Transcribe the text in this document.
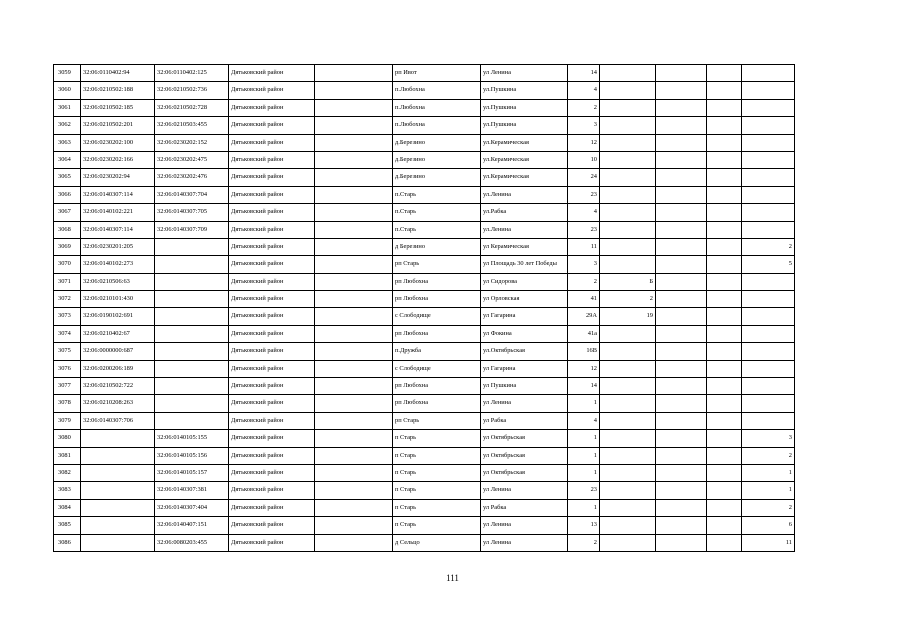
3059	32:06:0110402:94	32:06:0110402:125	Дятьковский район		рп Ивот	ул Ленина	14				
3060	32:06:0210502:188	32:06:0210502:736	Дятьковский район		п.Любохна	ул.Пушкина	4				
3061	32:06:0210502:185	32:06:0210502:728	Дятьковский район		п.Любохна	ул.Пушкина	2				
3062	32:06:0210502:201	32:06:0210503:455	Дятьковский район		п.Любохна	ул.Пушкина	3				
3063	32:06:0230202:100	32:06:0230202:152	Дятьковский район		д.Березино	ул.Керамическая	12				
3064	32:06:0230202:166	32:06:0230202:475	Дятьковский район		д.Березино	ул.Керамическая	10				
3065	32:06:0230202:94	32:06:0230202:476	Дятьковский район		д.Березино	ул.Керамическая	24				
3066	32:06:0140307:114	32:06:0140307:704	Дятьковский район		п.Старь	ул.Ленина	23				
3067	32:06:0140102:221	32:06:0140307:705	Дятьковский район		п.Старь	ул.Рабка	4				
3068	32:06:0140307:114	32:06:0140307:709	Дятьковский район		п.Старь	ул.Ленина	23				
3069	32:06:0230201:205		Дятьковский район		д Березино	ул Керамическая	11				2
3070	32:06:0140102:273		Дятьковский район		рп Старь	ул Площадь 30 лет Победы	3				5
3071	32:06:0210506:63		Дятьковский район		рп Любохна	ул Сидорова	2	Б			
3072	32:06:0210101:430		Дятьковский район		рп Любохна	ул Орловская	41	2			
3073	32:06:0190102:691		Дятьковский район		с Слободище	ул Гагарина	29А	19			
3074	32:06:0210402:67		Дятьковский район		рп Любохна	ул Фокина	41а				
3075	32:06:0000000:687		Дятьковский район		п.Дружба	ул.Октябрьская	16В				
3076	32:06:0200206:189		Дятьковский район		с Слободище	ул Гагарина	12				
3077	32:06:0210502:722		Дятьковский район		рп Любохна	ул Пушкина	14				
3078	32:06:0210208:263		Дятьковский район		рп Любохна	ул Ленина	1				
3079	32:06:0140307:706		Дятьковский район		рп Старь	ул Рабка	4				
3080		32:06:0140105:155	Дятьковский район		п Старь	ул Октябрьская	1				3
3081		32:06:0140105:156	Дятьковский район		п Старь	ул Октябрьская	1				2
3082		32:06:0140105:157	Дятьковский район		п Старь	ул Октябрьская	1				1
3083		32:06:0140307:381	Дятьковский район		п Старь	ул Ленина	23				1
3084		32:06:0140307:404	Дятьковский район		п Старь	ул Рабка	1				2
3085		32:06:0140407:151	Дятьковский район		п Старь	ул Ленина	13				6
3086		32:06:0080203:455	Дятьковский район		д Сельцо	ул Ленина	2				11
111
